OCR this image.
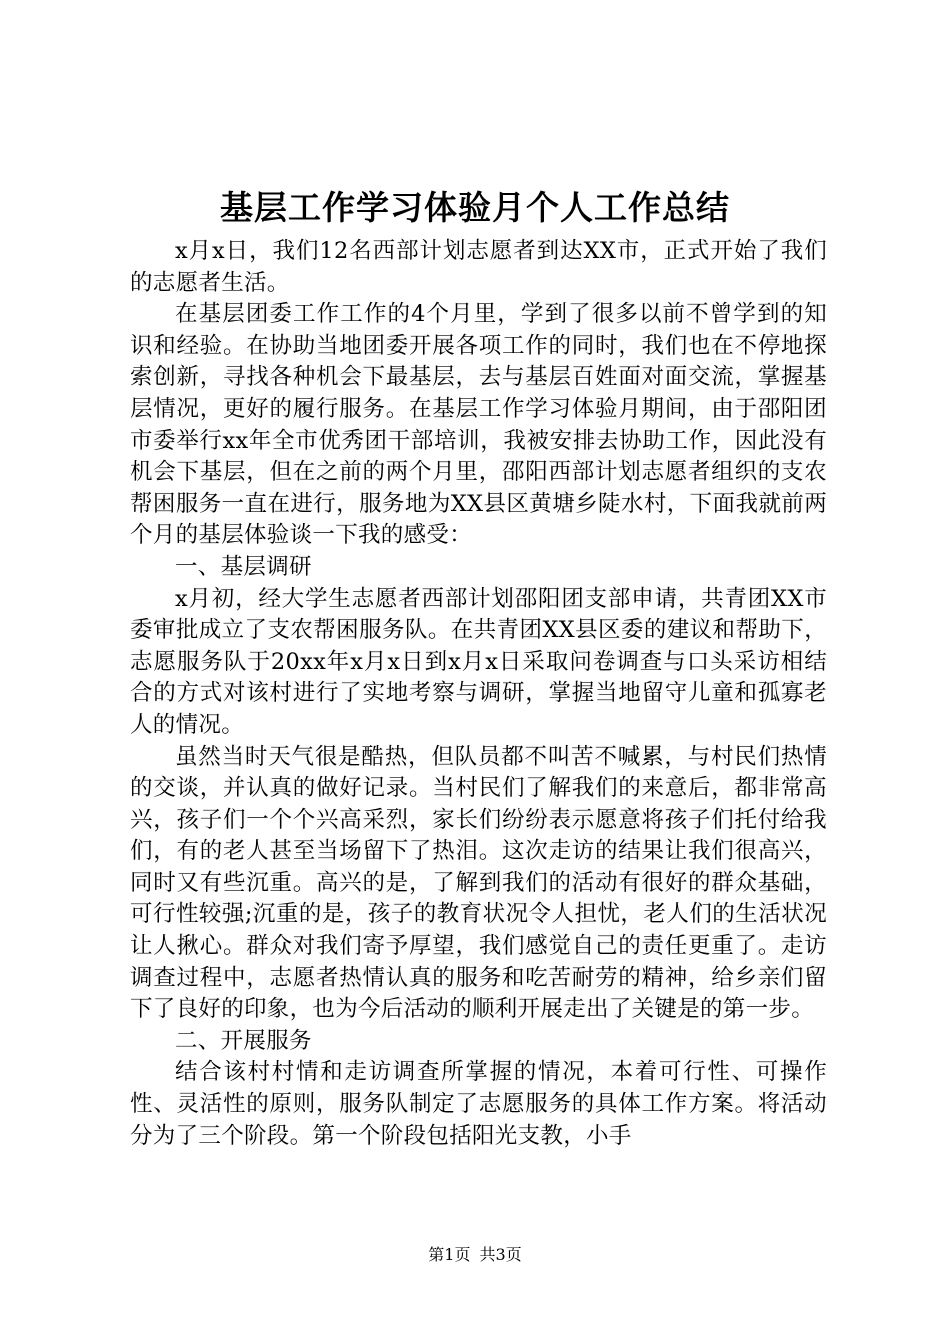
基层工作学习体验月个人工作总结

x月x日，我们12名西部计划志愿者到达XX市，正式开始了我们的志愿者生活。

在基层团委工作工作的4个月里，学到了很多以前不曾学到的知识和经验。在协助当地团委开展各项工作的同时，我们也在不停地探索创新，寻找各种机会下最基层，去与基层百姓面对面交流，掌握基层情况，更好的履行服务。在基层工作学习体验月期间，由于邵阳团市委举行xx年全市优秀团干部培训，我被安排去协助工作，因此没有机会下基层，但在之前的两个月里，邵阳西部计划志愿者组织的支农帮困服务一直在进行，服务地为XX县区黄塘乡陡水村，下面我就前两个月的基层体验谈一下我的感受：

一、基层调研

x月初，经大学生志愿者西部计划邵阳团支部申请，共青团XX市委审批成立了支农帮困服务队。在共青团XX县区委的建议和帮助下，志愿服务队于20xx年x月x日到x月x日采取问卷调查与口头采访相结合的方式对该村进行了实地考察与调研，掌握当地留守儿童和孤寡老人的情况。

虽然当时天气很是酷热，但队员都不叫苦不喊累，与村民们热情的交谈，并认真的做好记录。当村民们了解我们的来意后，都非常高兴，孩子们一个个兴高采烈，家长们纷纷表示愿意将孩子们托付给我们，有的老人甚至当场留下了热泪。这次走访的结果让我们很高兴，同时又有些沉重。高兴的是，了解到我们的活动有很好的群众基础，可行性较强;沉重的是，孩子的教育状况令人担忧，老人们的生活状况让人揪心。群众对我们寄予厚望，我们感觉自己的责任更重了。走访调查过程中，志愿者热情认真的服务和吃苦耐劳的精神，给乡亲们留下了良好的印象，也为今后活动的顺利开展走出了关键是的第一步。

二、开展服务

结合该村村情和走访调查所掌握的情况，本着可行性、可操作性、灵活性的原则，服务队制定了志愿服务的具体工作方案。将活动分为了三个阶段。第一个阶段包括阳光支教，小手

第1页 共3页
